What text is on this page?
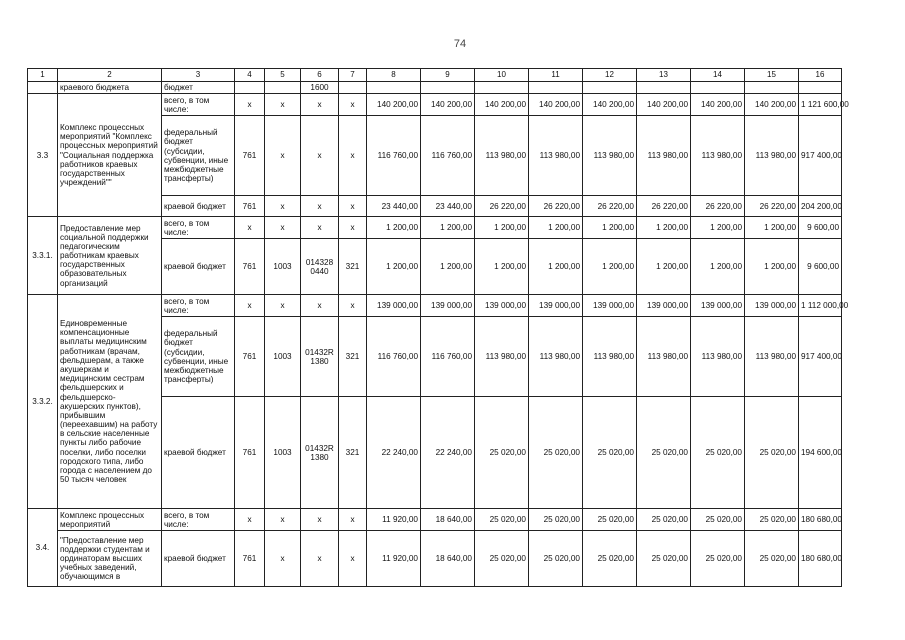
74
1	2	3	4	5	6	7	8	9	10	11	12	13	14	15	16
	краевого бюджета	бюджет			1600										
3.3	Комплекс процессных мероприятий "Комплекс процессных мероприятий "Социальная поддержка работников краевых государственных учреждений""	всего, в том числе:	x	x	x	x	140 200,00	140 200,00	140 200,00	140 200,00	140 200,00	140 200,00	140 200,00	140 200,00	1 121 600,00
		федеральный бюджет (субсидии, субвенции, иные межбюджетные трансферты)	761	x	x	x	116 760,00	116 760,00	113 980,00	113 980,00	113 980,00	113 980,00	113 980,00	113 980,00	917 400,00
		краевой бюджет	761	x	x	x	23 440,00	23 440,00	26 220,00	26 220,00	26 220,00	26 220,00	26 220,00	26 220,00	204 200,00
3.3.1.	Предоставление мер социальной поддержки педагогическим работникам краевых государственных образовательных организаций	всего, в том числе:	x	x	x	x	1 200,00	1 200,00	1 200,00	1 200,00	1 200,00	1 200,00	1 200,00	1 200,00	9 600,00
		краевой бюджет	761	1003	014328 0440	321	1 200,00	1 200,00	1 200,00	1 200,00	1 200,00	1 200,00	1 200,00	1 200,00	9 600,00
3.3.2.	Единовременные компенсационные выплаты медицинским работникам (врачам, фельдшерам, а также акушеркам и медицинским сестрам фельдшерских и фельдшерско-акушерских пунктов), прибывшим (переехавшим) на работу в сельские населенные пункты либо рабочие поселки, либо поселки городского типа, либо города с населением до 50 тысяч человек	всего, в том числе:	x	x	x	x	139 000,00	139 000,00	139 000,00	139 000,00	139 000,00	139 000,00	139 000,00	139 000,00	1 112 000,00
		федеральный бюджет (субсидии, субвенции, иные межбюджетные трансферты)	761	1003	01432R 1380	321	116 760,00	116 760,00	113 980,00	113 980,00	113 980,00	113 980,00	113 980,00	113 980,00	917 400,00
		краевой бюджет	761	1003	01432R 1380	321	22 240,00	22 240,00	25 020,00	25 020,00	25 020,00	25 020,00	25 020,00	25 020,00	194 600,00
3.4.	Комплекс процессных мероприятий	всего, в том числе:	x	x	x	x	11 920,00	18 640,00	25 020,00	25 020,00	25 020,00	25 020,00	25 020,00	25 020,00	180 680,00
	"Предоставление мер поддержки студентам и ординаторам высших учебных заведений, обучающимся в	краевой бюджет	761	x	x	x	11 920,00	18 640,00	25 020,00	25 020,00	25 020,00	25 020,00	25 020,00	25 020,00	180 680,00
